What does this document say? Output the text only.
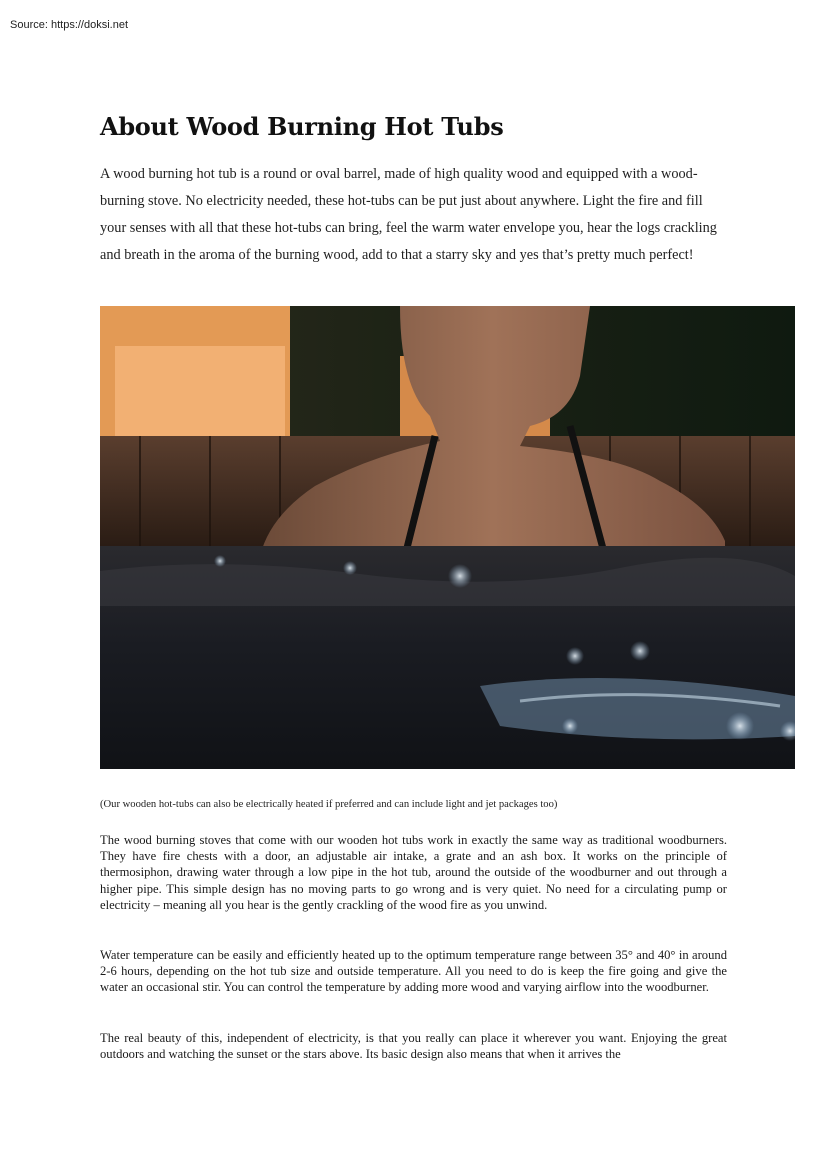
Source: https://doksi.net
About Wood Burning Hot Tubs

A wood burning hot tub is a round or oval barrel, made of high quality wood and equipped with a wood-burning stove. No electricity needed, these hot-tubs can be put just about anywhere. Light the fire and fill your senses with all that these hot-tubs can bring, feel the warm water envelope you, hear the logs crackling and breath in the aroma of the burning wood, add to that a starry sky and yes that’s pretty much perfect!

(Our wooden hot-tubs can also be electrically heated if preferred and can include light and jet packages too)

The wood burning stoves that come with our wooden hot tubs work in exactly the same way as traditional woodburners. They have fire chests with a door, an adjustable air intake, a grate and an ash box. It works on the principle of thermosiphon, drawing water through a low pipe in the hot tub, around the outside of the woodburner and out through a higher pipe. This simple design has no moving parts to go wrong and is very quiet. No need for a circulating pump or electricity – meaning all you hear is the gently crackling of the wood fire as you unwind.

Water temperature can be easily and efficiently heated up to the optimum temperature range between 35° and 40° in around 2-6 hours, depending on the hot tub size and outside temperature. All you need to do is keep the fire going and give the water an occasional stir. You can control the temperature by adding more wood and varying airflow into the woodburner.

The real beauty of this, independent of electricity, is that you really can place it wherever you want. Enjoying the great outdoors and watching the sunset or the stars above. Its basic design also means that when it arrives the
